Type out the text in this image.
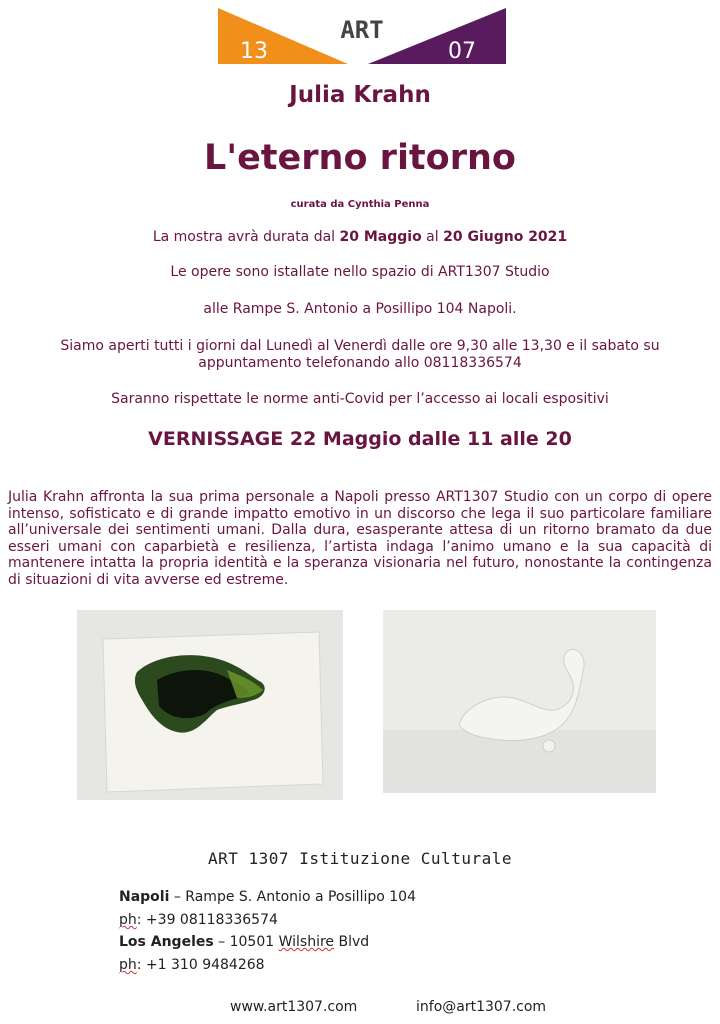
ART
13	07
Julia Krahn
L'eterno ritorno
curata da Cynthia Penna
La mostra avrà durata dal 20 Maggio al 20 Giugno 2021
Le opere sono istallate nello spazio di ART1307 Studio
alle Rampe S. Antonio a Posillipo 104 Napoli.
Siamo aperti tutti i giorni dal Lunedì al Venerdì dalle ore 9,30 alle 13,30 e il sabato su
appuntamento telefonando allo 08118336574
Saranno rispettate le norme anti-Covid per l’accesso ai locali espositivi
VERNISSAGE 22 Maggio dalle 11 alle 20
Julia Krahn affronta la sua prima personale a Napoli presso ART1307 Studio con un corpo di opere intenso, sofisticato e di grande impatto emotivo in un discorso che lega il suo particolare familiare all’universale dei sentimenti umani. Dalla dura, esasperante attesa di un ritorno bramato da due esseri umani con caparbietà e resilienza, l’artista indaga l’animo umano e la sua capacità di mantenere intatta la propria identità e la speranza visionaria nel futuro, nonostante la contingenza di situazioni di vita avverse ed estreme.
ART 1307 Istituzione Culturale
Napoli – Rampe S. Antonio a Posillipo 104
ph: +39 08118336574
Los Angeles – 10501 Wilshire Blvd
ph: +1 310 9484268
www.art1307.com	info@art1307.com
